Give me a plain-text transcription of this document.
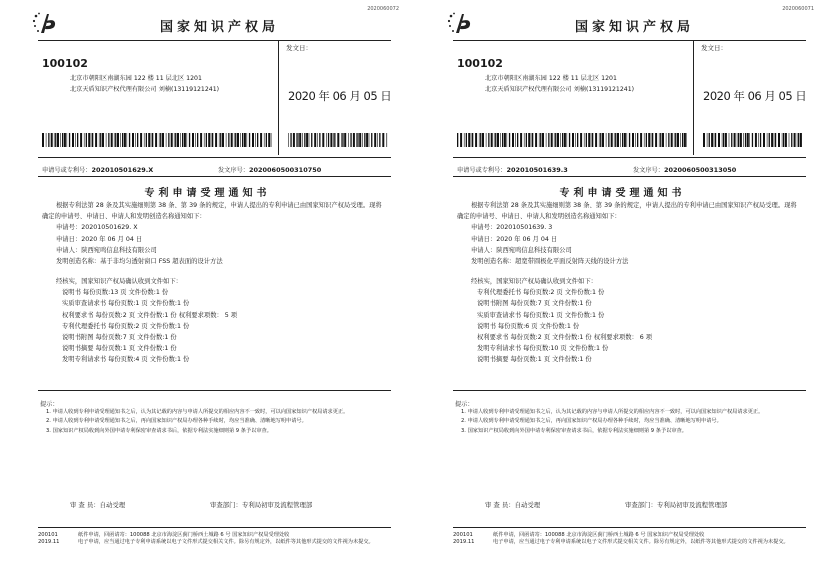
2020060072
国家知识产权局
100102
北京市朝阳区南湖东园 122 楼 11 层北区 1201
北京天盾知识产权代理有限公司 刘楠(13119121241)
发文日：
2020 年 06 月 05 日
申请号或专利号：202010501629.X	发文序号：2020060500310750
专利申请受理通知书
根据专利法第 28 条及其实施细则第 38 条、第 39 条的规定，申请人提出的专利申请已由国家知识产权局受理。现将确定的申请号、申请日、申请人和发明创造名称通知如下：
申请号：202010501629. X
申请日：2020 年 06 月 04 日
申请人：陕西宛鸣信息科技有限公司
发明创造名称：基于非均匀透射窗口 FSS 超表面的设计方法
经核实，国家知识产权局确认收到文件如下：
说明书 每份页数:13 页 文件份数:1 份
实质审查请求书 每份页数:1 页 文件份数:1 份
权利要求书 每份页数:2 页 文件份数:1 份 权利要求项数： 5 项
专利代理委托书 每份页数:2 页 文件份数:1 份
说明书附图 每份页数:7 页 文件份数:1 份
说明书摘要 每份页数:1 页 文件份数:1 份
发明专利请求书 每份页数:4 页 文件份数:1 份
提示：
1. 申请人收到专利申请受理通知书之后，认为其记载的内容与申请人所提交的相应内容不一致时，可以向国家知识产权局请求更正。
2. 申请人收到专利申请受理通知书之后，再向国家知识产权局办理各种手续时，均应当准确、清晰地写明申请号。
3. 国家知识产权局收到向外国申请专利保密审查请求书后，依据专利法实施细则第 9 条予以审查。
审 查 员：自动受理	审查部门：专利局初审及流程管理部
200101
2019.11
纸件申请，回函请寄：100088 北京市海淀区蓟门桥西土城路 6 号 国家知识产权局受理处收
电子申请，应当通过电子专利申请系统以电子文件形式提交相关文件。除另有规定外，以纸件等其他形式提交的文件视为未提交。
2020060071
国家知识产权局
100102
北京市朝阳区南湖东园 122 楼 11 层北区 1201
北京天盾知识产权代理有限公司 刘楠(13119121241)
发文日：
2020 年 06 月 05 日
申请号或专利号：202010501639.3	发文序号：2020060500313050
专利申请受理通知书
根据专利法第 28 条及其实施细则第 38 条、第 39 条的规定，申请人提出的专利申请已由国家知识产权局受理。现将确定的申请号、申请日、申请人和发明创造名称通知如下：
申请号：202010501639. 3
申请日：2020 年 06 月 04 日
申请人：陕西宛鸣信息科技有限公司
发明创造名称：超宽带圆极化平面反射阵天线的设计方法
经核实，国家知识产权局确认收到文件如下：
专利代理委托书 每份页数:2 页 文件份数:1 份
说明书附图 每份页数:7 页 文件份数:1 份
实质审查请求书 每份页数:1 页 文件份数:1 份
说明书 每份页数:6 页 文件份数:1 份
权利要求书 每份页数:2 页 文件份数:1 份 权利要求项数： 6 项
发明专利请求书 每份页数:10 页 文件份数:1 份
说明书摘要 每份页数:1 页 文件份数:1 份
提示：
1. 申请人收到专利申请受理通知书之后，认为其记载的内容与申请人所提交的相应内容不一致时，可以向国家知识产权局请求更正。
2. 申请人收到专利申请受理通知书之后，再向国家知识产权局办理各种手续时，均应当准确、清晰地写明申请号。
3. 国家知识产权局收到向外国申请专利保密审查请求书后，依据专利法实施细则第 9 条予以审查。
审 查 员：自动受理	审查部门：专利局初审及流程管理部
200101
2019.11
纸件申请，回函请寄：100088 北京市海淀区蓟门桥西土城路 6 号 国家知识产权局受理处收
电子申请，应当通过电子专利申请系统以电子文件形式提交相关文件。除另有规定外，以纸件等其他形式提交的文件视为未提交。
